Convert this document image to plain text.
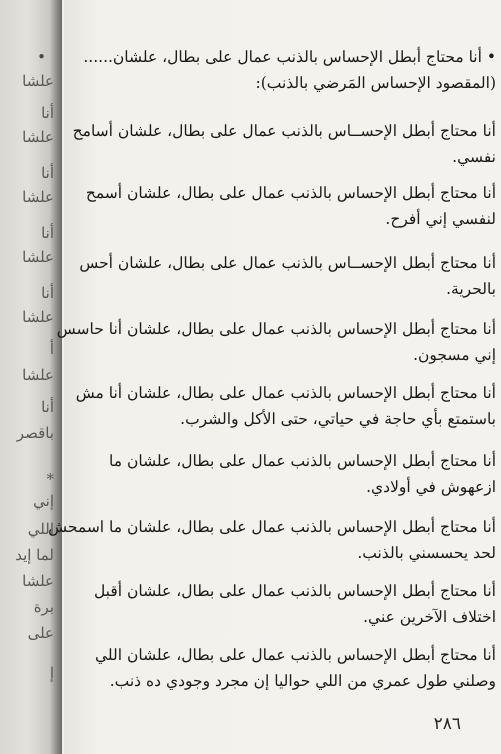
•
علشا
أنا
علشا
أنا
علشا
أنا
علشا
أنا
علشا
أ
علشا
أنا
باقصر
*
إني
اللي
لما إيد
علشا
برة
على
إ
• أنا محتاج أبطل الإحساس بالذنب عمال على بطال، علشان......
(المقصود الإحساس المَرضي بالذنب):
أنا محتاج أبطل الإحســاس بالذنب عمال على بطال، علشان أسامح
نفسي.
أنا محتاج أبطل الإحساس بالذنب عمال على بطال، علشان أسمح
لنفسي إني أفرح.
أنا محتاج أبطل الإحســاس بالذنب عمال على بطال، علشان أحس
بالحرية.
أنا محتاج أبطل الإحساس بالذنب عمال على بطال، علشان أنا حاسس
إني مسجون.
أنا محتاج أبطل الإحساس بالذنب عمال على بطال، علشان أنا مش
باستمتع بأي حاجة في حياتي، حتى الأكل والشرب.
أنا محتاج أبطل الإحساس بالذنب عمال على بطال، علشان ما
ازعهوش في أولادي.
أنا محتاج أبطل الإحساس بالذنب عمال على بطال، علشان ما اسمحش
لحد يحسسني بالذنب.
أنا محتاج أبطل الإحساس بالذنب عمال على بطال، علشان أقبل
اختلاف الآخرين عني.
أنا محتاج أبطل الإحساس بالذنب عمال على بطال، علشان اللي
وصلني طول عمري من اللي حواليا إن مجرد وجودي ده ذنب.
٢٨٦
